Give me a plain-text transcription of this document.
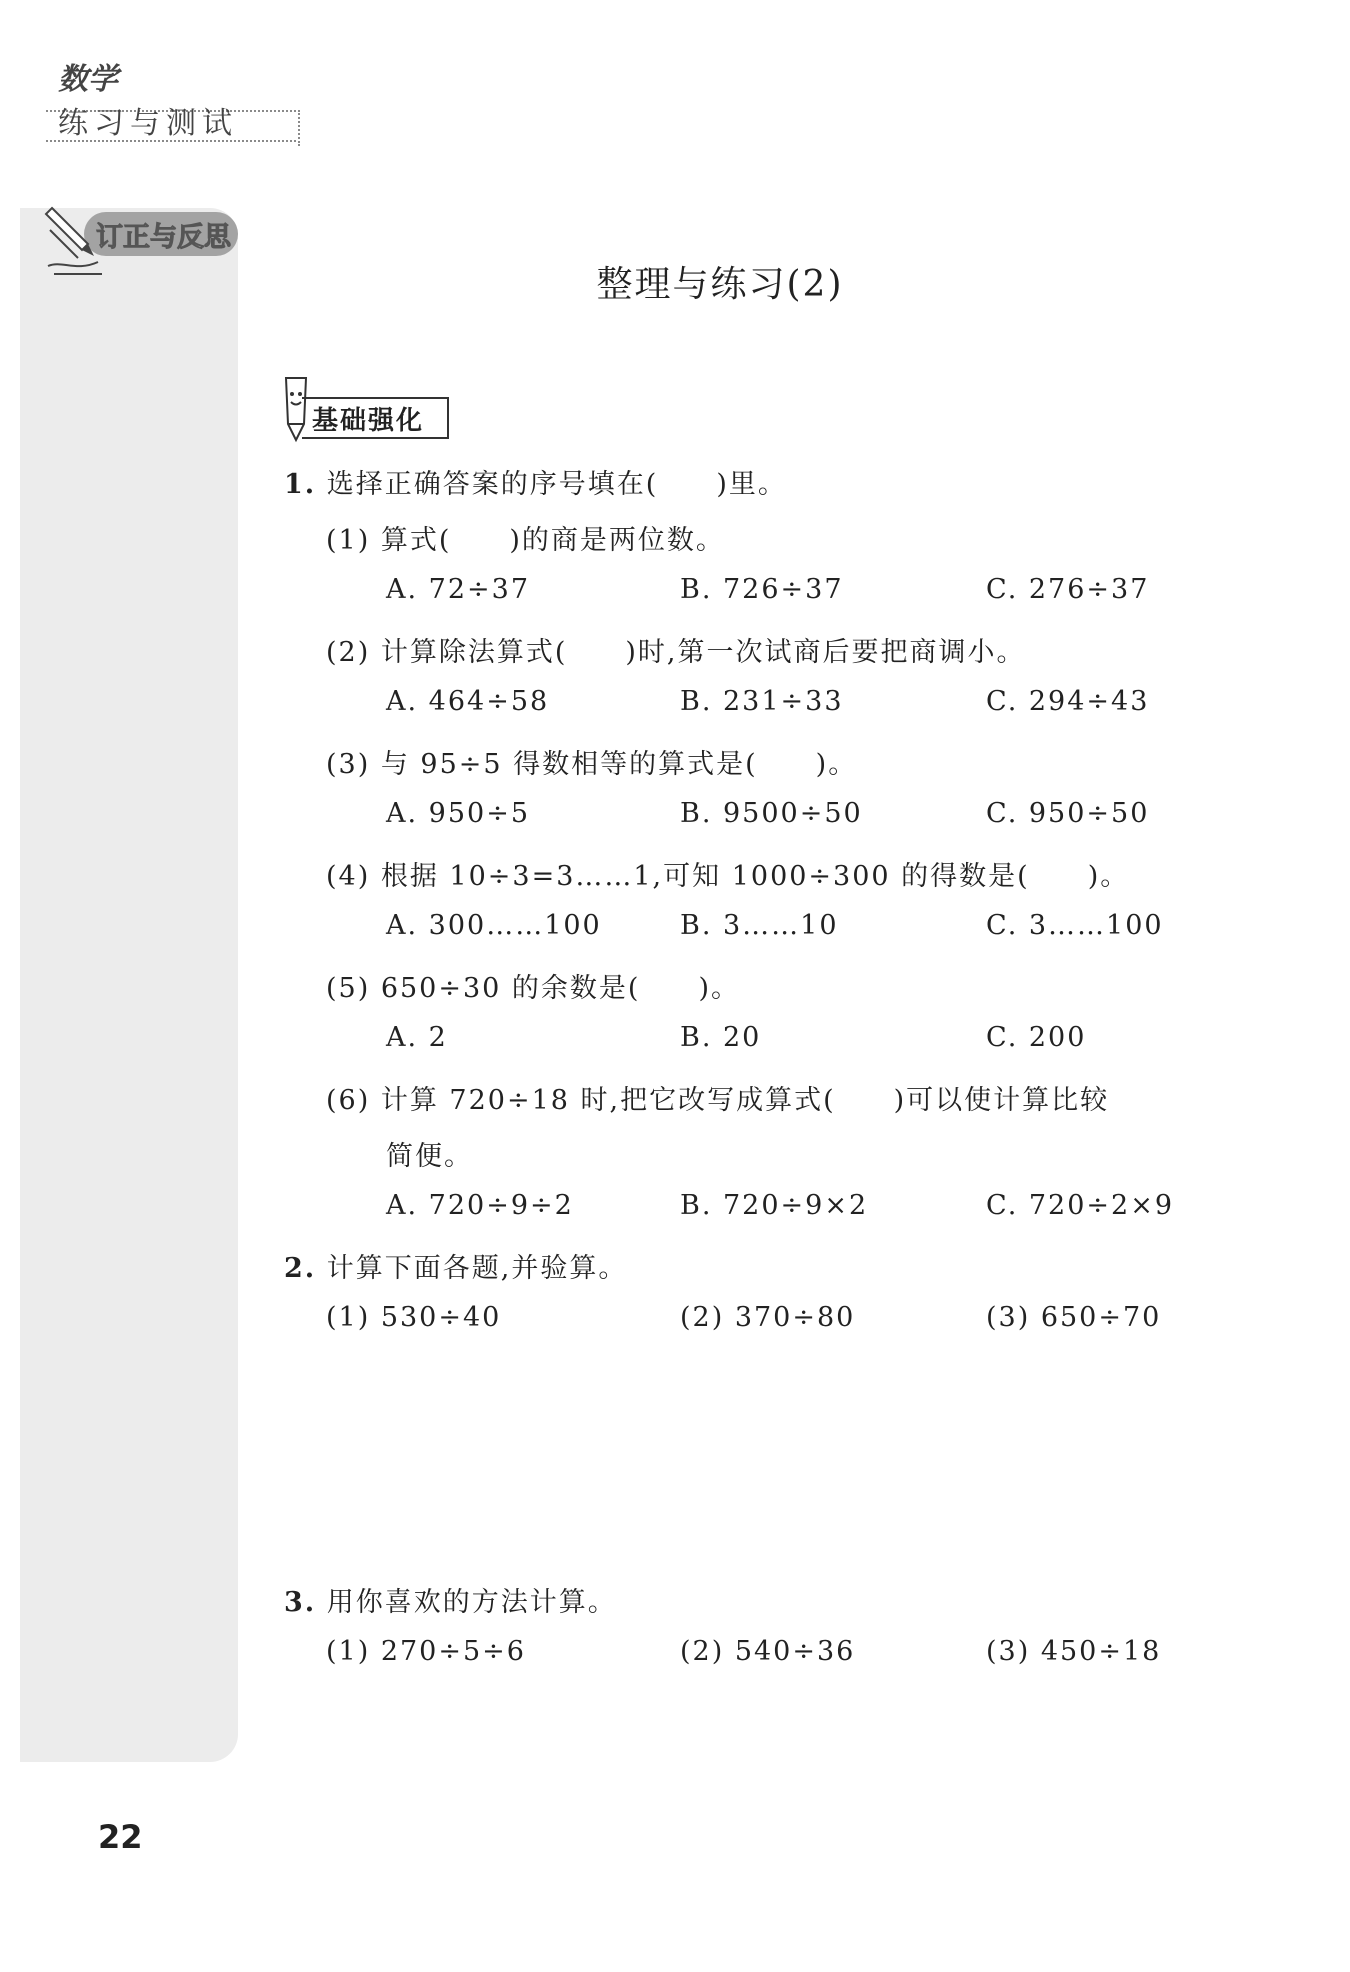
数学
练习与测试
订正与反思
整理与练习(2)
基础强化
1. 选择正确答案的序号填在(　　)里。
(1) 算式(　　)的商是两位数。
A. 72÷37	B. 726÷37	C. 276÷37
(2) 计算除法算式(　　)时,第一次试商后要把商调小。
A. 464÷58	B. 231÷33	C. 294÷43
(3) 与 95÷5 得数相等的算式是(　　)。
A. 950÷5	B. 9500÷50	C. 950÷50
(4) 根据 10÷3=3……1,可知 1000÷300 的得数是(　　)。
A. 300……100	B. 3……10	C. 3……100
(5) 650÷30 的余数是(　　)。
A. 2	B. 20	C. 200
(6) 计算 720÷18 时,把它改写成算式(　　)可以使计算比较
简便。
A. 720÷9÷2	B. 720÷9×2	C. 720÷2×9
2. 计算下面各题,并验算。
(1) 530÷40	(2) 370÷80	(3) 650÷70
3. 用你喜欢的方法计算。
(1) 270÷5÷6	(2) 540÷36	(3) 450÷18
22
